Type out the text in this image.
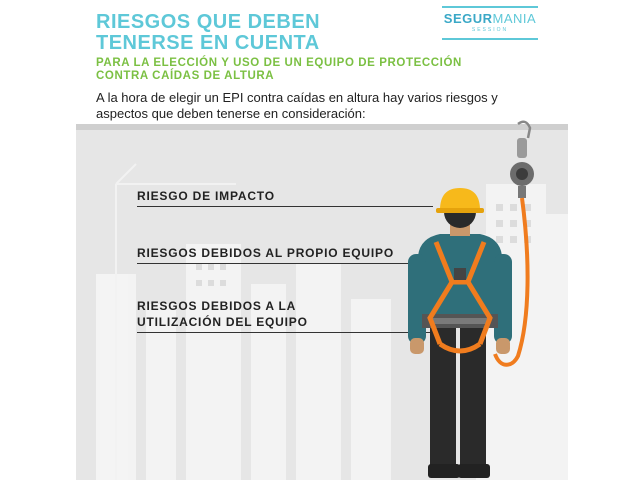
RIESGOS QUE DEBEN
TENERSE EN CUENTA
SEGURMANIA
SESSION
PARA LA ELECCIÓN Y USO DE UN EQUIPO DE PROTECCIÓN
CONTRA CAÍDAS DE ALTURA
A la hora de elegir un EPI contra caídas en altura hay varios riesgos y aspectos que deben tenerse en consideración:
RIESGO DE IMPACTO
RIESGOS DEBIDOS AL PROPIO EQUIPO
RIESGOS DEBIDOS A LA
UTILIZACIÓN DEL EQUIPO
